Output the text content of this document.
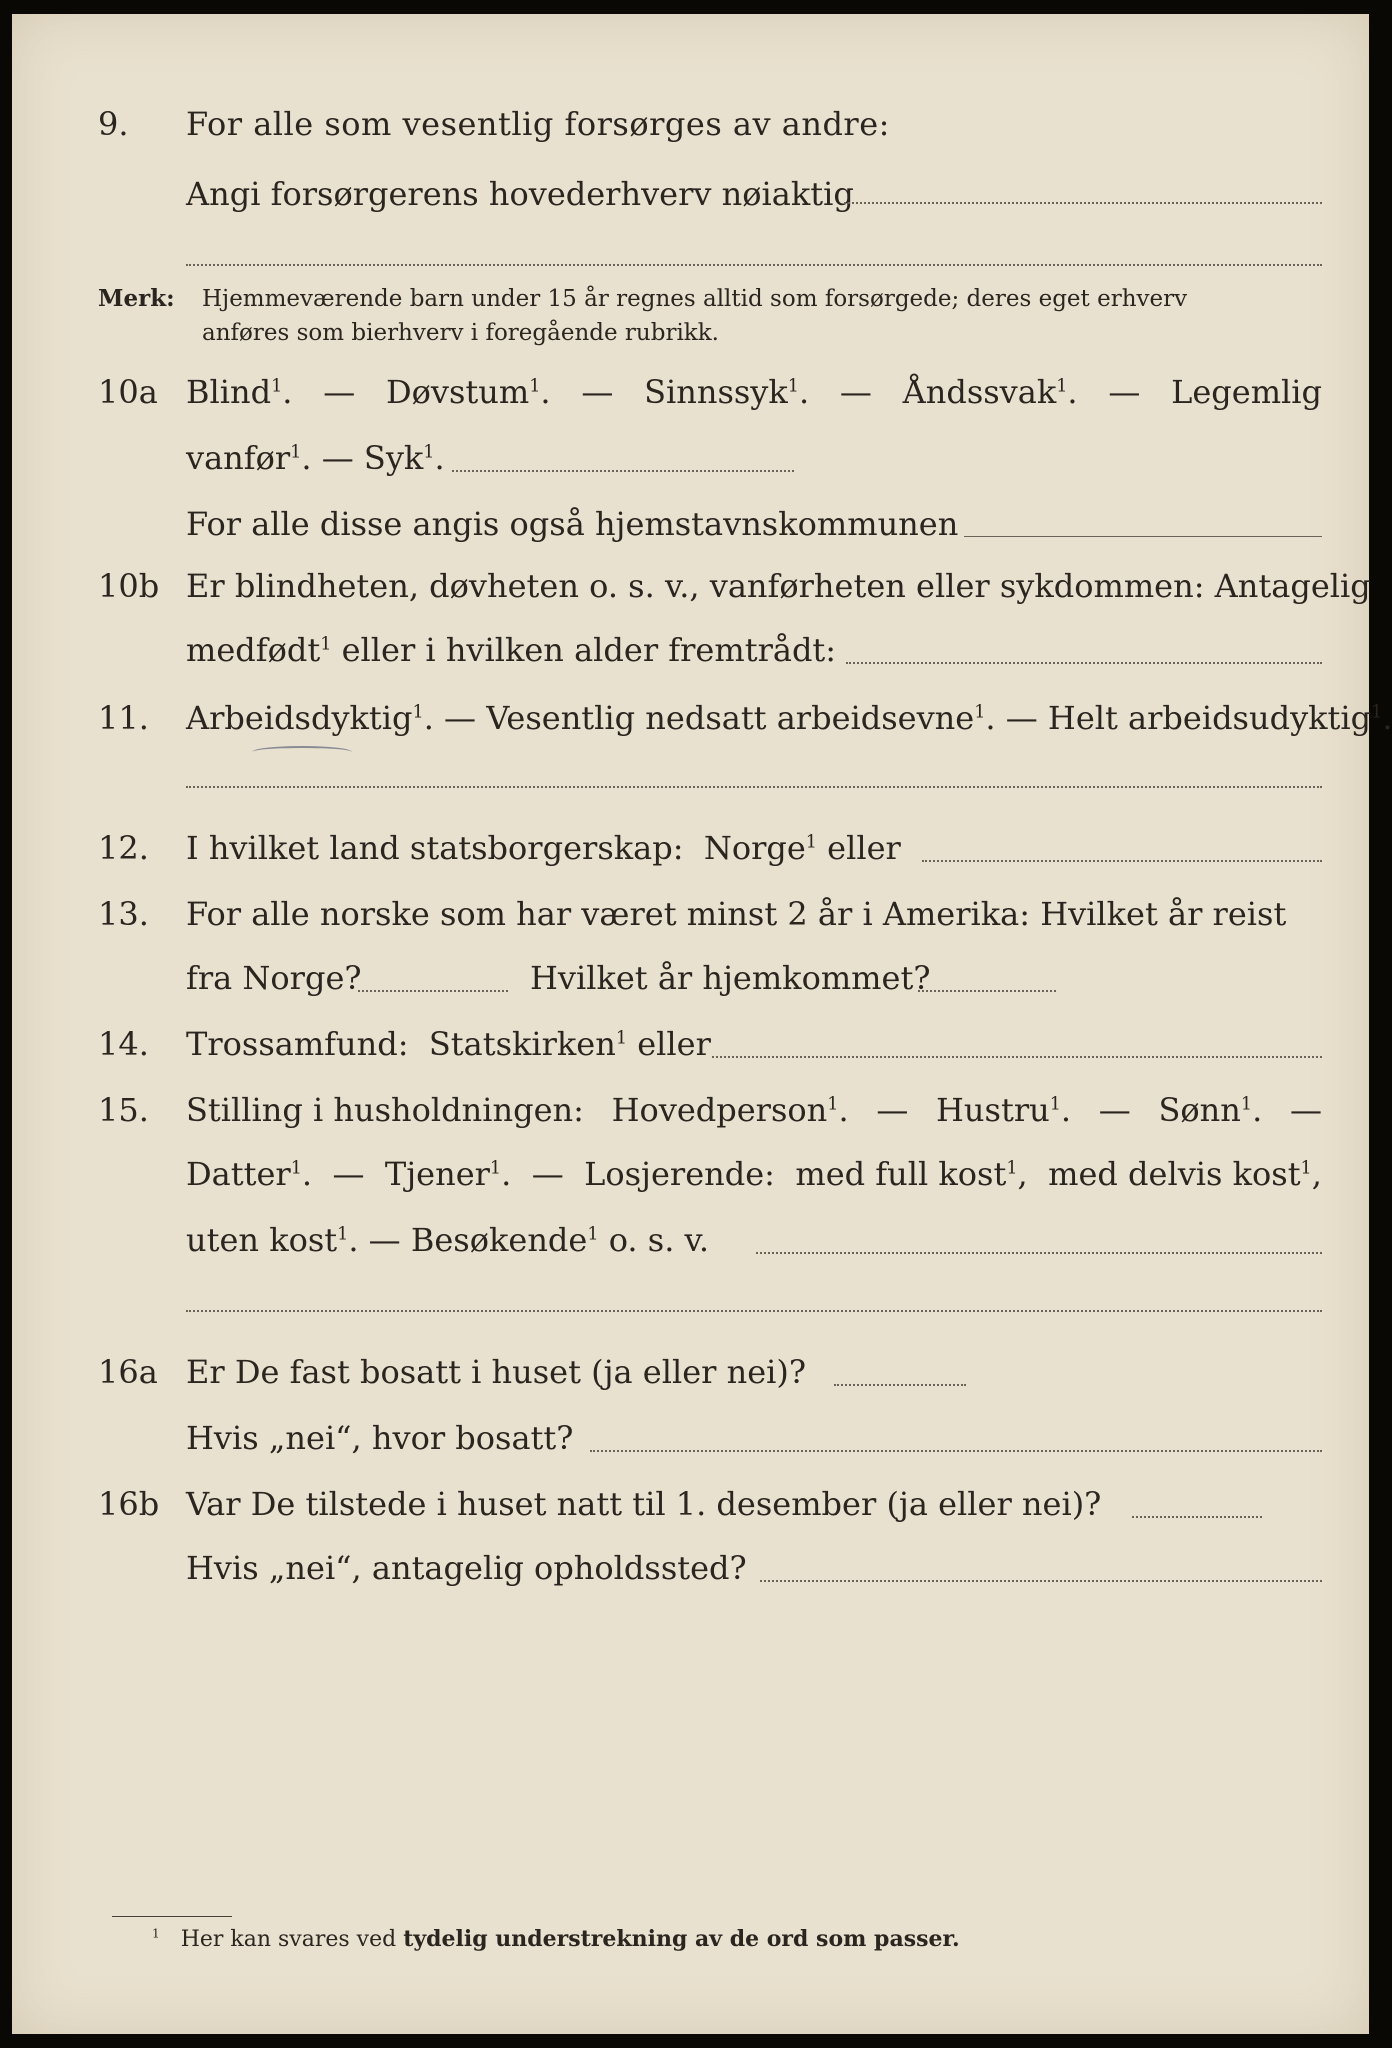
9.	For alle som vesentlig forsørges av andre:
Angi forsørgerens hovederhverv nøiaktig
Merk: Hjemmeværende barn under 15 år regnes alltid som forsørgede; deres eget erhverv
anføres som bierhverv i foregående rubrikk.
10a Blind$^1$. — Døvstum$^1$. — Sinnssyk$^1$. — Åndssvak$^1$. — Legemlig
vanfør$^1$. — Syk$^1$.
For alle disse angis også hjemstavnskommunen
10b Er blindheten, døvheten o. s. v., vanførheten eller sykdommen: Antagelig
medfødt$^1$ eller i hvilken alder fremtrådt:
11.	Arbeidsdyktig$^1$. — Vesentlig nedsatt arbeidsevne$^1$. — Helt arbeidsudyktig$^1$.
12.	I hvilket land statsborgerskap: Norge$^1$ eller
13.	For alle norske som har været minst 2 år i Amerika: Hvilket år reist
fra Norge?	Hvilket år hjemkommet?
14.	Trossamfund: Statskirken$^1$ eller
15.	Stilling i husholdningen: Hovedperson$^1$. — Hustru$^1$. — Sønn$^1$. —
Datter$^1$. — Tjener$^1$. — Losjerende: med full kost$^1$, med delvis kost$^1$,
uten kost$^1$. — Besøkende$^1$ o. s. v.
16a Er De fast bosatt i huset (ja eller nei)?
Hvis „nei“, hvor bosatt?
16b Var De tilstede i huset natt til 1. desember (ja eller nei)?
Hvis „nei“, antagelig opholdssted?
$^1$ Her kan svares ved tydelig understrekning av de ord som passer.
